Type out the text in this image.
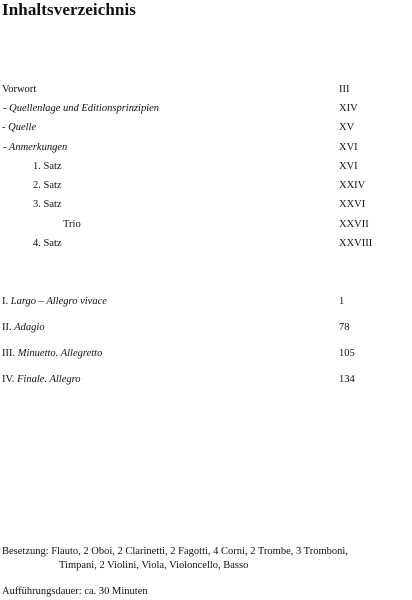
Inhaltsverzeichnis
Vorwort	III
- Quellenlage und Editionsprinzipien	XIV
- Quelle	XV
- Anmerkungen	XVI
1. Satz	XVI
2. Satz	XXIV
3. Satz	XXVI
Trio	XXVII
4. Satz	XXVIII
I. Largo – Allegro vivace	1
II. Adagio	78
III. Minuetto. Allegretto	105
IV. Finale. Allegro	134
Besetzung: Flauto, 2 Oboi, 2 Clarinetti, 2 Fagotti, 4 Corni, 2 Trombe, 3 Tromboni,
Timpani, 2 Violini, Viola, Violoncello, Basso
Aufführungsdauer: ca. 30 Minuten
